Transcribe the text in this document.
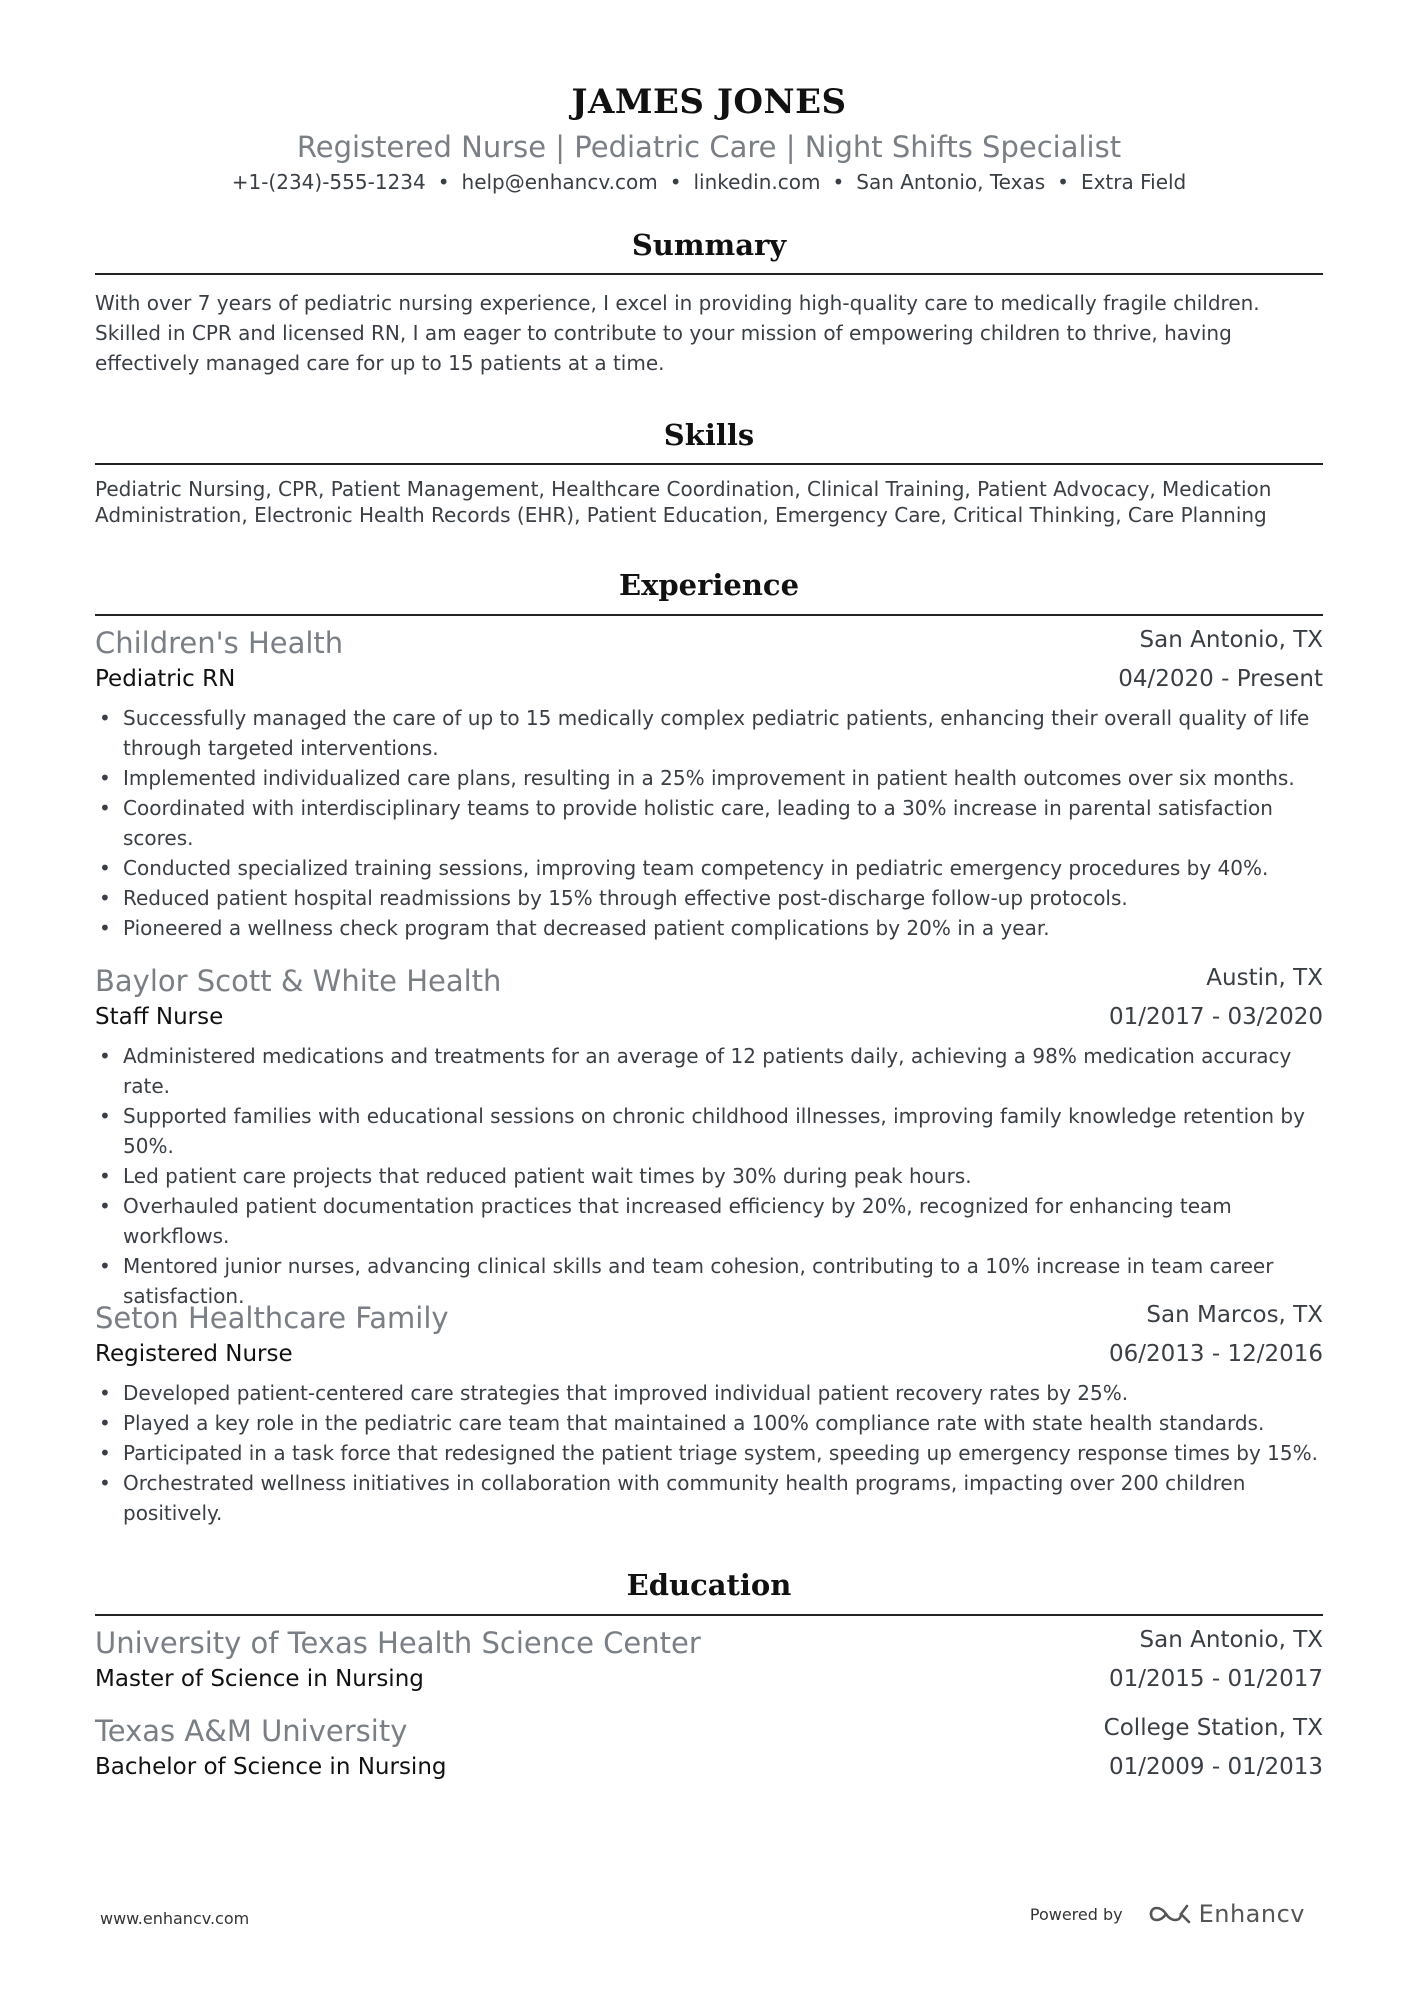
JAMES JONES
Registered Nurse | Pediatric Care | Night Shifts Specialist
+1-(234)-555-1234 • help@enhancv.com • linkedin.com • San Antonio, Texas • Extra Field
Summary
With over 7 years of pediatric nursing experience, I excel in providing high-quality care to medically fragile children. Skilled in CPR and licensed RN, I am eager to contribute to your mission of empowering children to thrive, having effectively managed care for up to 15 patients at a time.
Skills
Pediatric Nursing, CPR, Patient Management, Healthcare Coordination, Clinical Training, Patient Advocacy, Medication Administration, Electronic Health Records (EHR), Patient Education, Emergency Care, Critical Thinking, Care Planning
Experience
Children's Health	San Antonio, TX
Pediatric RN	04/2020 - Present
• Successfully managed the care of up to 15 medically complex pediatric patients, enhancing their overall quality of life through targeted interventions.
• Implemented individualized care plans, resulting in a 25% improvement in patient health outcomes over six months.
• Coordinated with interdisciplinary teams to provide holistic care, leading to a 30% increase in parental satisfaction scores.
• Conducted specialized training sessions, improving team competency in pediatric emergency procedures by 40%.
• Reduced patient hospital readmissions by 15% through effective post-discharge follow-up protocols.
• Pioneered a wellness check program that decreased patient complications by 20% in a year.
Baylor Scott & White Health	Austin, TX
Staff Nurse	01/2017 - 03/2020
• Administered medications and treatments for an average of 12 patients daily, achieving a 98% medication accuracy rate.
• Supported families with educational sessions on chronic childhood illnesses, improving family knowledge retention by 50%.
• Led patient care projects that reduced patient wait times by 30% during peak hours.
• Overhauled patient documentation practices that increased efficiency by 20%, recognized for enhancing team workflows.
• Mentored junior nurses, advancing clinical skills and team cohesion, contributing to a 10% increase in team career satisfaction.
Seton Healthcare Family	San Marcos, TX
Registered Nurse	06/2013 - 12/2016
• Developed patient-centered care strategies that improved individual patient recovery rates by 25%.
• Played a key role in the pediatric care team that maintained a 100% compliance rate with state health standards.
• Participated in a task force that redesigned the patient triage system, speeding up emergency response times by 15%.
• Orchestrated wellness initiatives in collaboration with community health programs, impacting over 200 children positively.
Education
University of Texas Health Science Center	San Antonio, TX
Master of Science in Nursing	01/2015 - 01/2017
Texas A&M University	College Station, TX
Bachelor of Science in Nursing	01/2009 - 01/2013
www.enhancv.com	Powered by	Enhancv
